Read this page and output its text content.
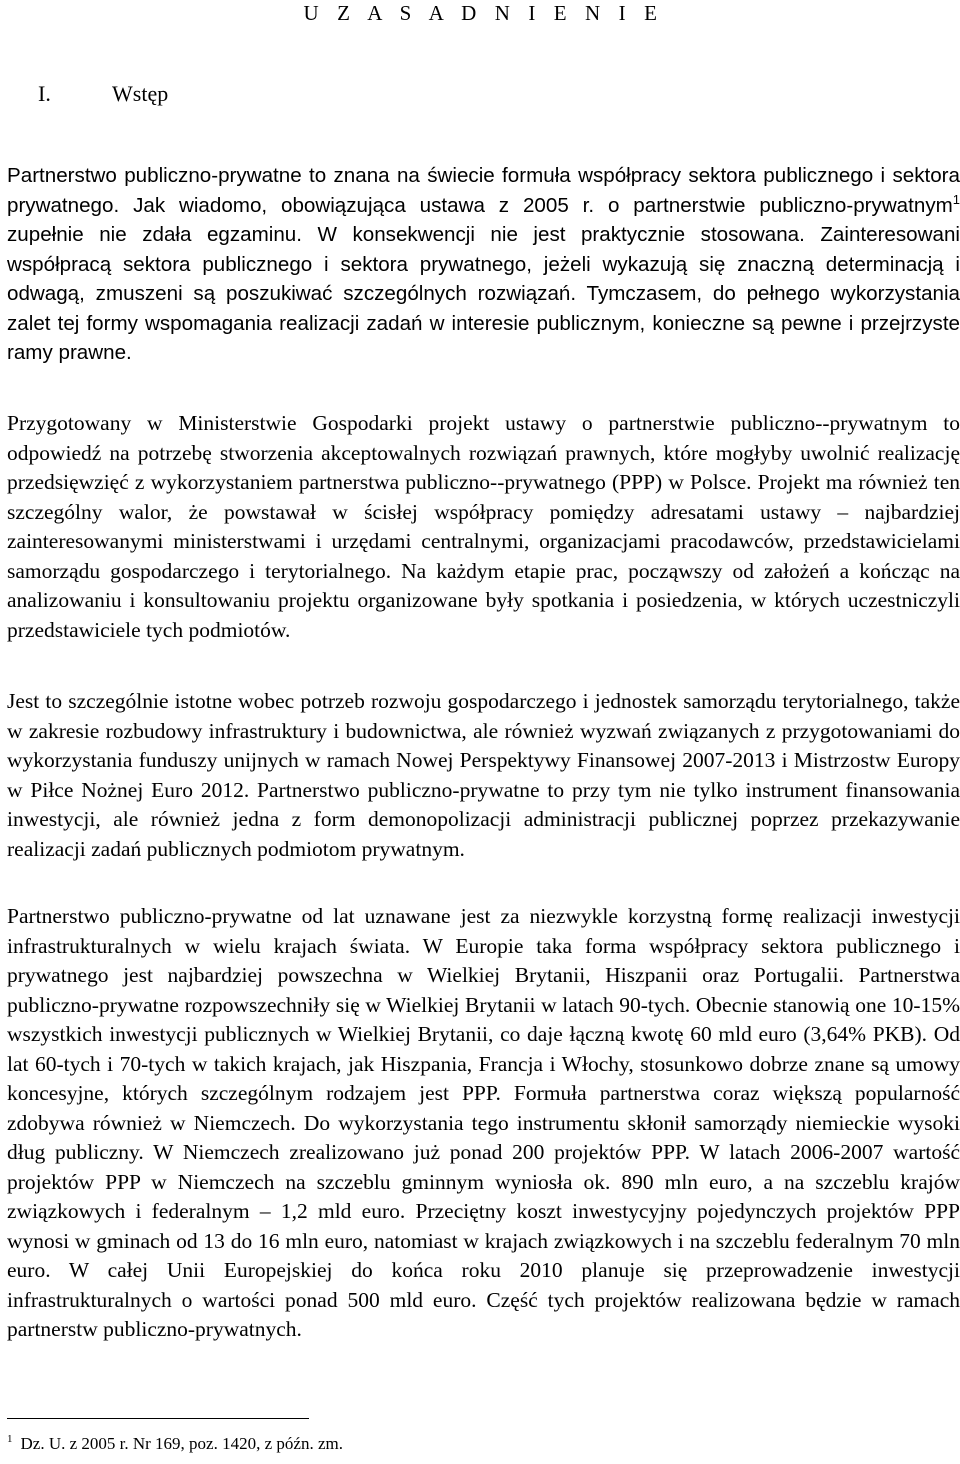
U Z A S A D N I E N I E
I.	Wstęp

Partnerstwo publiczno-prywatne to znana na świecie formuła współpracy sektora publicznego i sektora prywatnego. Jak wiadomo, obowiązująca ustawa z 2005 r. o partnerstwie publiczno-prywatnym$^1$ zupełnie nie zdała egzaminu. W konsekwencji nie jest praktycznie stosowana. Zainteresowani współpracą sektora publicznego i sektora prywatnego, jeżeli wykazują się znaczną determinacją i odwagą, zmuszeni są poszukiwać szczególnych rozwiązań. Tymczasem, do pełnego wykorzystania zalet tej formy wspomagania realizacji zadań w interesie publicznym, konieczne są pewne i przejrzyste ramy prawne.

Przygotowany w Ministerstwie Gospodarki projekt ustawy o partnerstwie publiczno--prywatnym to odpowiedź na potrzebę stworzenia akceptowalnych rozwiązań prawnych, które mogłyby uwolnić realizację przedsięwzięć z wykorzystaniem partnerstwa publiczno--prywatnego (PPP) w Polsce. Projekt ma również ten szczególny walor, że powstawał w ścisłej współpracy pomiędzy adresatami ustawy – najbardziej zainteresowanymi ministerstwami i urzędami centralnymi, organizacjami pracodawców, przedstawicielami samorządu gospodarczego i terytorialnego. Na każdym etapie prac, począwszy od założeń a kończąc na analizowaniu i konsultowaniu projektu organizowane były spotkania i posiedzenia, w których uczestniczyli przedstawiciele tych podmiotów.

Jest to szczególnie istotne wobec potrzeb rozwoju gospodarczego i jednostek samorządu terytorialnego, także w zakresie rozbudowy infrastruktury i budownictwa, ale również wyzwań związanych z przygotowaniami do wykorzystania funduszy unijnych w ramach Nowej Perspektywy Finansowej 2007-2013 i Mistrzostw Europy w Piłce Nożnej Euro 2012. Partnerstwo publiczno-prywatne to przy tym nie tylko instrument finansowania inwestycji, ale również jedna z form demonopolizacji administracji publicznej poprzez przekazywanie realizacji zadań publicznych podmiotom prywatnym.

Partnerstwo publiczno-prywatne od lat uznawane jest za niezwykle korzystną formę realizacji inwestycji infrastrukturalnych w wielu krajach świata. W Europie taka forma współpracy sektora publicznego i prywatnego jest najbardziej powszechna w Wielkiej Brytanii, Hiszpanii oraz Portugalii. Partnerstwa publiczno-prywatne rozpowszechniły się w Wielkiej Brytanii w latach 90-tych. Obecnie stanowią one 10-15% wszystkich inwestycji publicznych w Wielkiej Brytanii, co daje łączną kwotę 60 mld euro (3,64% PKB). Od lat 60-tych i 70-tych w takich krajach, jak Hiszpania, Francja i Włochy, stosunkowo dobrze znane są umowy koncesyjne, których szczególnym rodzajem jest PPP. Formuła partnerstwa coraz większą popularność zdobywa również w Niemczech. Do wykorzystania tego instrumentu skłonił samorządy niemieckie wysoki dług publiczny. W Niemczech zrealizowano już ponad 200 projektów PPP. W latach 2006-2007 wartość projektów PPP w Niemczech na szczeblu gminnym wyniosła ok. 890 mln euro, a na szczeblu krajów związkowych i federalnym – 1,2 mld euro. Przeciętny koszt inwestycyjny pojedynczych projektów PPP wynosi w gminach od 13 do 16 mln euro, natomiast w krajach związkowych i na szczeblu federalnym 70 mln euro. W całej Unii Europejskiej do końca roku 2010 planuje się przeprowadzenie inwestycji infrastrukturalnych o wartości ponad 500 mld euro. Część tych projektów realizowana będzie w ramach partnerstw publiczno-prywatnych.

$^1$ Dz. U. z 2005 r. Nr 169, poz. 1420, z późn. zm.
